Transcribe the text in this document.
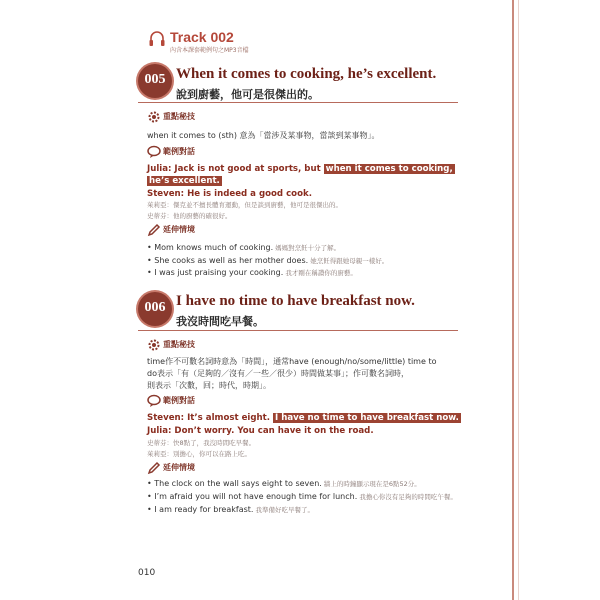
Track 002
內含本課套範例句之MP3音檔
005 When it comes to cooking, he’s excellent.
說到廚藝，他可是很傑出的。
重點秘技
when it comes to (sth) 意為「當涉及某事物，當談到某事物」。
範例對話
Julia: Jack is not good at sports, but when it comes to cooking,
he’s excellent.
Steven: He is indeed a good cook.
茱莉亞：傑克並不擅長體育運動，但是談到廚藝，他可是很傑出的。
史蒂芬：他的廚藝的確很好。
延伸情境
• Mom knows much of cooking. 媽媽對烹飪十分了解。
• She cooks as well as her mother does. 她烹飪得跟她母親一樣好。
• I was just praising your cooking. 我才剛在稱讚你的廚藝。
006 I have no time to have breakfast now.
我沒時間吃早餐。
重點秘技
time作不可數名詞時意為「時間」，通常have (enough/no/some/little) time to
do表示「有（足夠的／沒有／一些／很少）時間做某事」；作可數名詞時，
則表示「次數，回；時代，時期」。
範例對話
Steven: It’s almost eight. I have no time to have breakfast now.
Julia: Don’t worry. You can have it on the road.
史蒂芬：快8點了，我沒時間吃早餐。
茱莉亞：別擔心，你可以在路上吃。
延伸情境
• The clock on the wall says eight to seven. 牆上的時鐘顯示現在是6點52分。
• I’m afraid you will not have enough time for lunch. 我擔心你沒有足夠的時間吃午餐。
• I am ready for breakfast. 我準備好吃早餐了。
010
